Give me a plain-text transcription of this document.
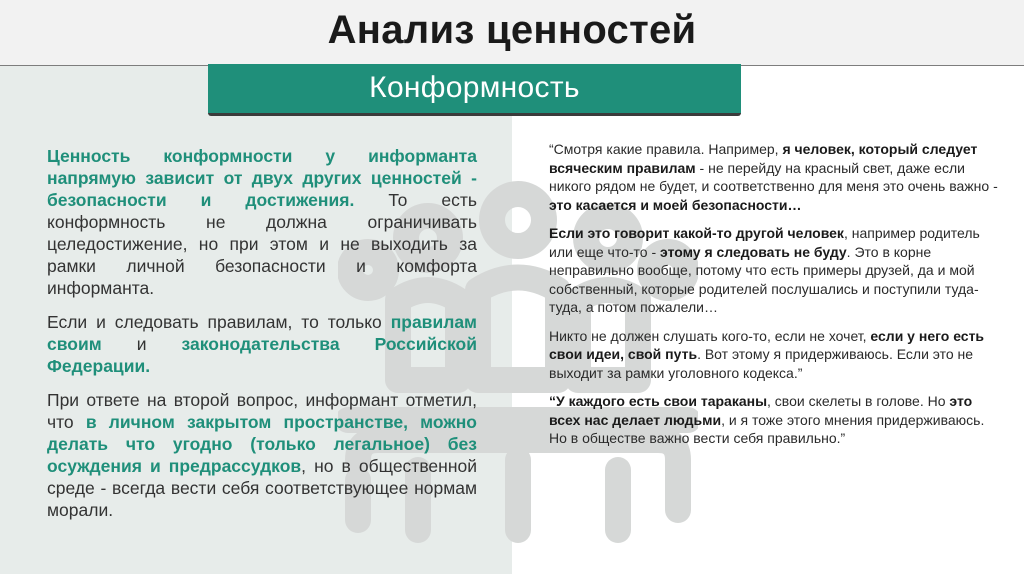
Анализ ценностей
Конформность

Ценность конформности у информанта напрямую зависит от двух других ценностей - безопасности и достижения. То есть конформность не должна ограничивать целедостижение, но при этом и не выходить за рамки личной безопасности и комфорта информанта.

Если и следовать правилам, то только правилам своим и законодательства Российской Федерации.

При ответе на второй вопрос, информант отметил, что в личном закрытом пространстве, можно делать что угодно (только легальное) без осуждения и предрассудков, но в общественной среде - всегда вести себя соответствующее нормам морали.

“Смотря какие правила. Например, я человек, который следует всяческим правилам - не перейду на красный свет, даже если никого рядом не будет, и соответственно для меня это очень важно - это касается и моей безопасности…

Если это говорит какой-то другой человек, например родитель или еще что-то - этому я следовать не буду. Это в корне неправильно вообще, потому что есть примеры друзей, да и мой собственный, которые родителей послушались и поступили туда-туда, а потом пожалели…

Никто не должен слушать кого-то, если не хочет, если у него есть свои идеи, свой путь. Вот этому я придерживаюсь. Если это не выходит за рамки уголовного кодекса.”

“У каждого есть свои тараканы, свои скелеты в голове. Но это всех нас делает людьми, и я тоже этого мнения придерживаюсь. Но в обществе важно вести себя правильно.”
